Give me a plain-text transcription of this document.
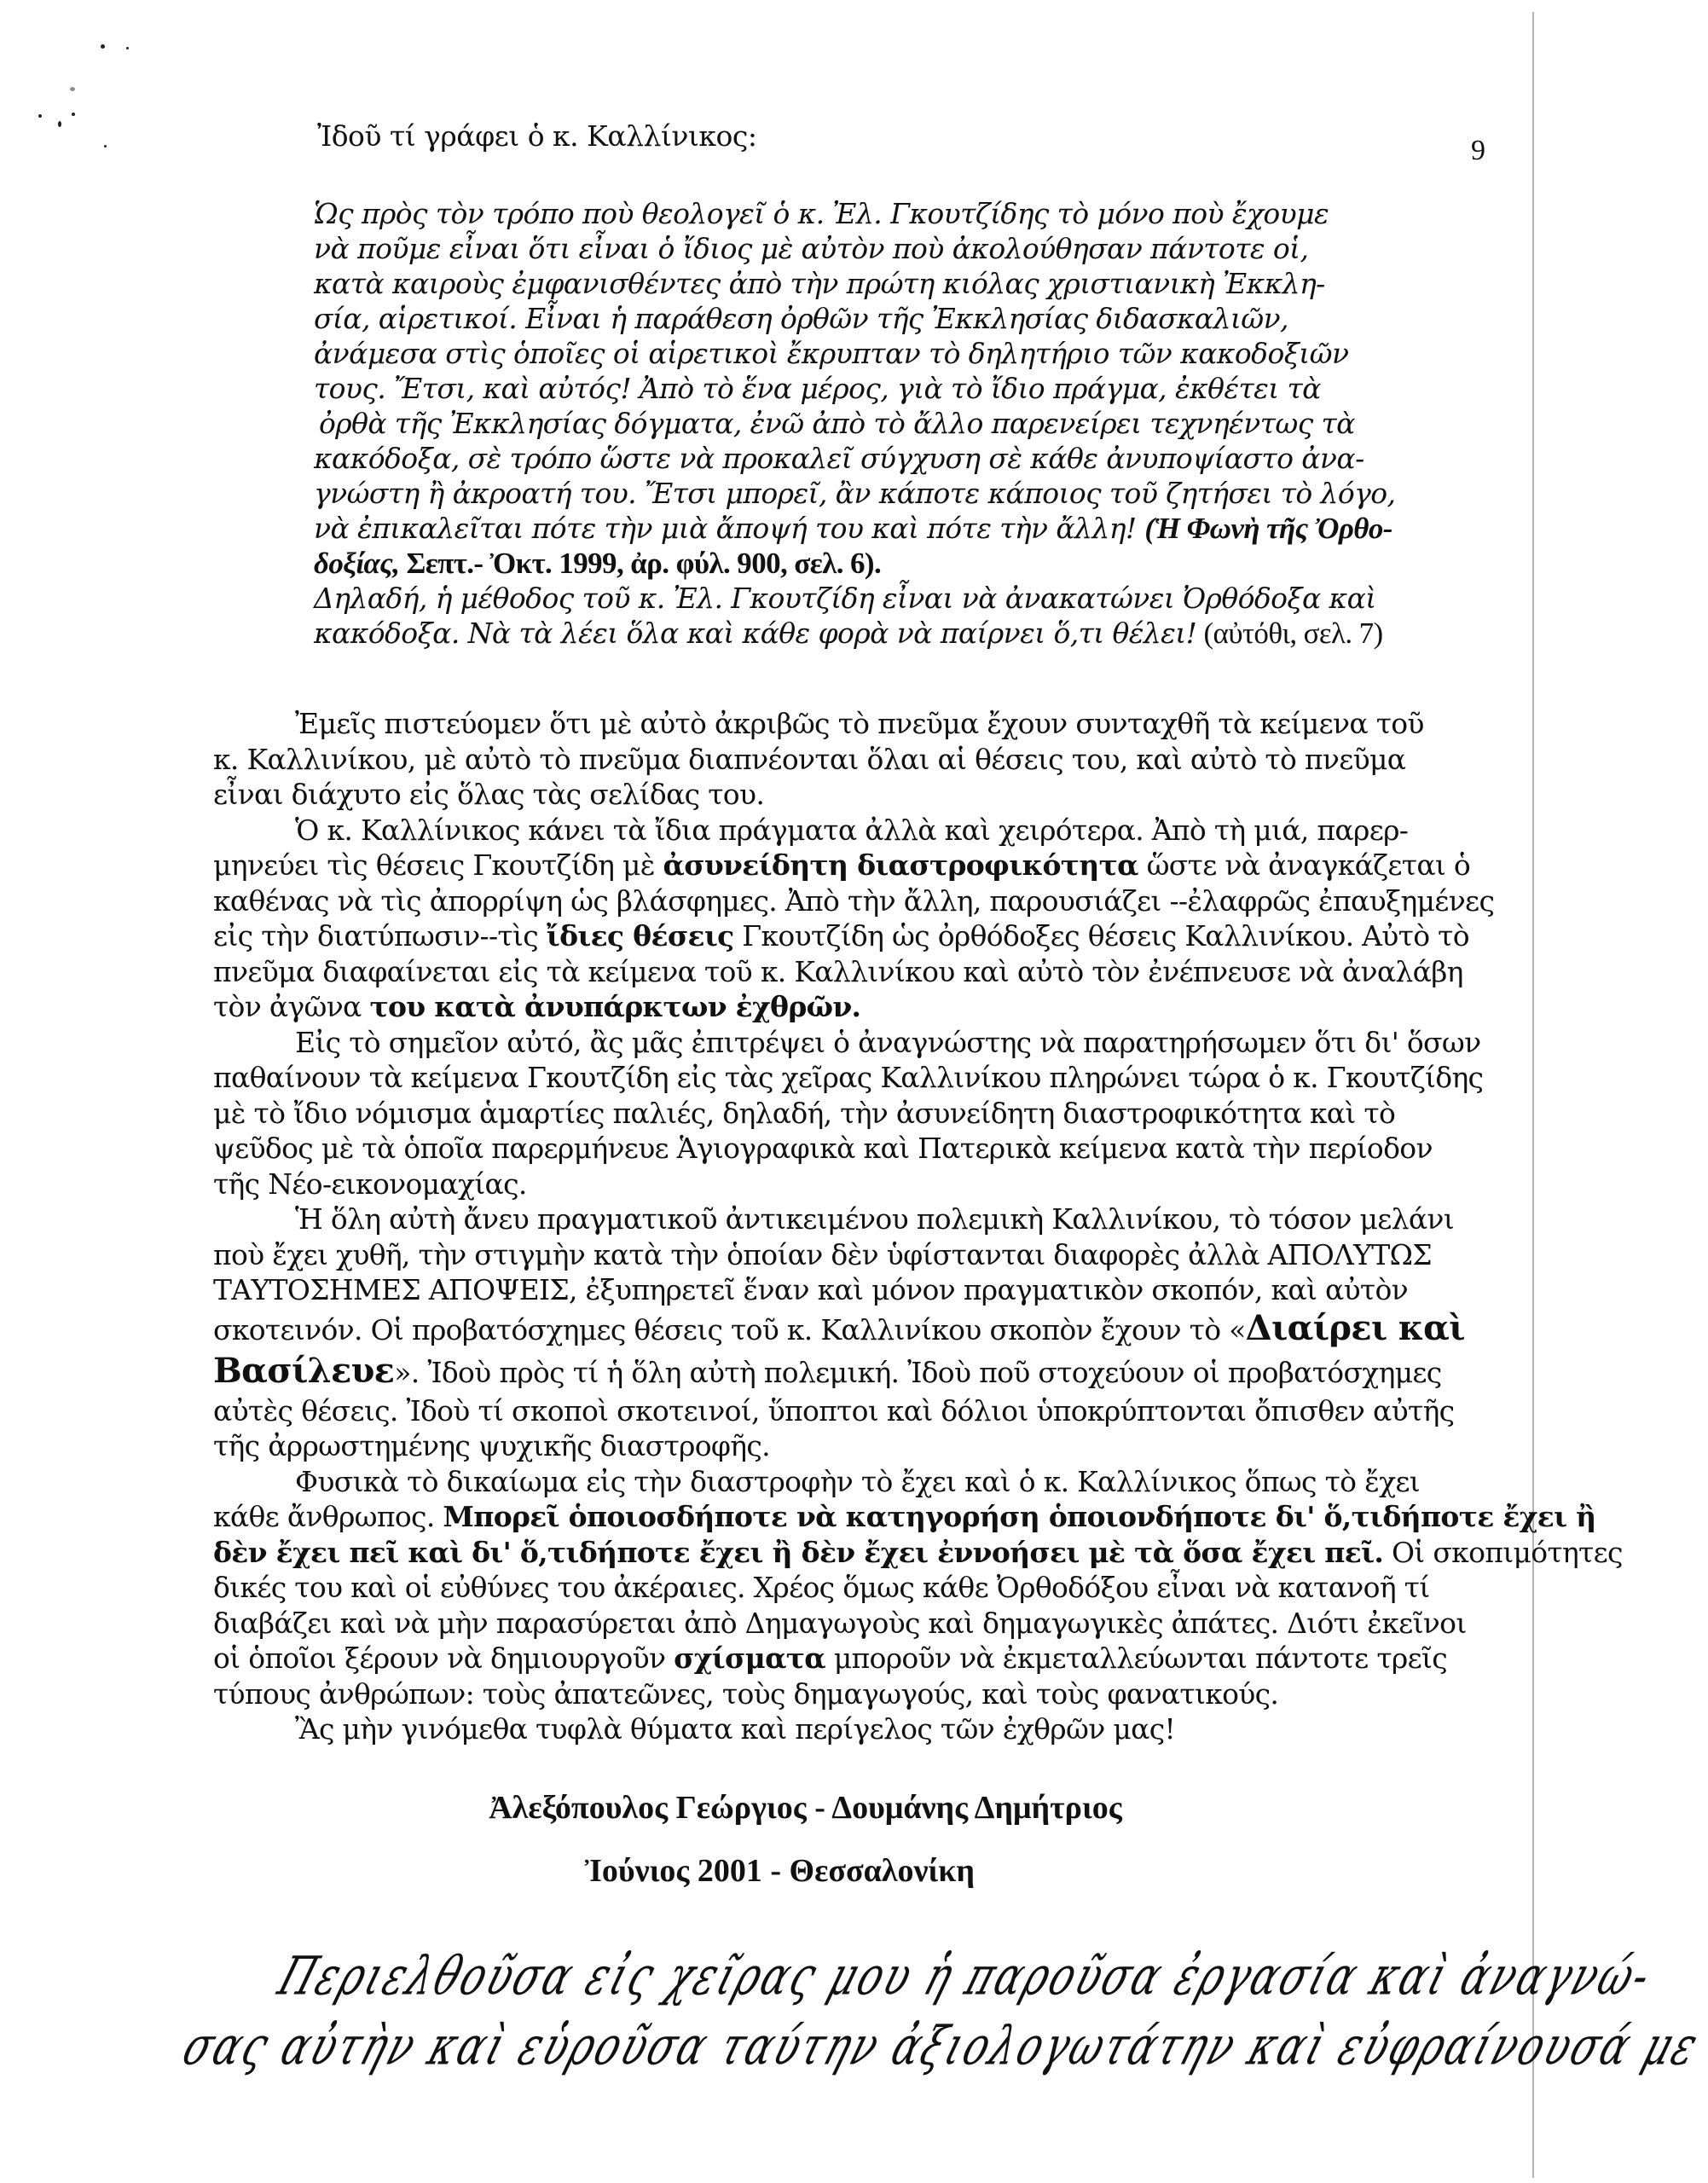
Ἰδοῦ τί γράφει ὁ κ. Καλλίνικος:	9
Ὡς πρὸς τὸν τρόπο ποὺ θεολογεῖ ὁ κ. Ἐλ. Γκουτζίδης τὸ μόνο ποὺ ἔχουμε
νὰ ποῦμε εἶναι ὅτι εἶναι ὁ ἴδιος μὲ αὐτὸν ποὺ ἀκολούθησαν πάντοτε οἱ,
κατὰ καιροὺς ἐμφανισθέντες ἀπὸ τὴν πρώτη κιόλας χριστιανικὴ Ἐκκλη-
σία, αἱρετικοί. Εἶναι ἡ παράθεση ὀρθῶν τῆς Ἐκκλησίας διδασκαλιῶν,
ἀνάμεσα στὶς ὁποῖες οἱ αἱρετικοὶ ἔκρυπταν τὸ δηλητήριο τῶν κακοδοξιῶν
τους. Ἔτσι, καὶ αὐτός! Ἀπὸ τὸ ἕνα μέρος, γιὰ τὸ ἴδιο πράγμα, ἐκθέτει τὰ
ὀρθὰ τῆς Ἐκκλησίας δόγματα, ἐνῶ ἀπὸ τὸ ἄλλο παρενείρει τεχνηέντως τὰ
κακόδοξα, σὲ τρόπο ὥστε νὰ προκαλεῖ σύγχυση σὲ κάθε ἀνυποψίαστο ἀνα-
γνώστη ἢ ἀκροατή του. Ἔτσι μπορεῖ, ἂν κάποτε κάποιος τοῦ ζητήσει τὸ λόγο,
νὰ ἐπικαλεῖται πότε τὴν μιὰ ἄποψή του καὶ πότε τὴν ἄλλη! (Ἡ Φωνὴ τῆς Ὀρθο-
δοξίας, Σεπτ.- Ὀκτ. 1999, ἀρ. φύλ. 900, σελ. 6).
Δηλαδή, ἡ μέθοδος τοῦ κ. Ἐλ. Γκουτζίδη εἶναι νὰ ἀνακατώνει Ὀρθόδοξα καὶ
κακόδοξα. Νὰ τὰ λέει ὅλα καὶ κάθε φορὰ νὰ παίρνει ὅ,τι θέλει! (αὐτόθι, σελ. 7)
Ἐμεῖς πιστεύομεν ὅτι μὲ αὐτὸ ἀκριβῶς τὸ πνεῦμα ἔχουν συνταχθῆ τὰ κείμενα τοῦ
κ. Καλλινίκου, μὲ αὐτὸ τὸ πνεῦμα διαπνέονται ὅλαι αἱ θέσεις του, καὶ αὐτὸ τὸ πνεῦμα
εἶναι διάχυτο εἰς ὅλας τὰς σελίδας του.
Ὁ κ. Καλλίνικος κάνει τὰ ἴδια πράγματα ἀλλὰ καὶ χειρότερα. Ἀπὸ τὴ μιά, παρερ-
μηνεύει τὶς θέσεις Γκουτζίδη μὲ ἀσυνείδητη διαστροφικότητα ὥστε νὰ ἀναγκάζεται ὁ
καθένας νὰ τὶς ἀπορρίψη ὡς βλάσφημες. Ἀπὸ τὴν ἄλλη, παρουσιάζει --ἐλαφρῶς ἐπαυξημένες
εἰς τὴν διατύπωσιν--τὶς ἴδιες θέσεις Γκουτζίδη ὡς ὀρθόδοξες θέσεις Καλλινίκου. Αὐτὸ τὸ
πνεῦμα διαφαίνεται εἰς τὰ κείμενα τοῦ κ. Καλλινίκου καὶ αὐτὸ τὸν ἐνέπνευσε νὰ ἀναλάβη
τὸν ἀγῶνα του κατὰ ἀνυπάρκτων ἐχθρῶν.
Εἰς τὸ σημεῖον αὐτό, ἂς μᾶς ἐπιτρέψει ὁ ἀναγνώστης νὰ παρατηρήσωμεν ὅτι δι' ὅσων
παθαίνουν τὰ κείμενα Γκουτζίδη εἰς τὰς χεῖρας Καλλινίκου πληρώνει τώρα ὁ κ. Γκουτζίδης
μὲ τὸ ἴδιο νόμισμα ἁμαρτίες παλιές, δηλαδή, τὴν ἀσυνείδητη διαστροφικότητα καὶ τὸ
ψεῦδος μὲ τὰ ὁποῖα παρερμήνευε Ἁγιογραφικὰ καὶ Πατερικὰ κείμενα κατὰ τὴν περίοδον
τῆς Νέο-εικονομαχίας.
Ἡ ὅλη αὐτὴ ἄνευ πραγματικοῦ ἀντικειμένου πολεμικὴ Καλλινίκου, τὸ τόσον μελάνι
ποὺ ἔχει χυθῆ, τὴν στιγμὴν κατὰ τὴν ὁποίαν δὲν ὑφίστανται διαφορὲς ἀλλὰ ΑΠΟΛΥΤΩΣ
ΤΑΥΤΟΣΗΜΕΣ ΑΠΟΨΕΙΣ, ἐξυπηρετεῖ ἕναν καὶ μόνον πραγματικὸν σκοπόν, καὶ αὐτὸν
σκοτεινόν. Οἱ προβατόσχημες θέσεις τοῦ κ. Καλλινίκου σκοπὸν ἔχουν τὸ «Διαίρει καὶ
Βασίλευε». Ἰδοὺ πρὸς τί ἡ ὅλη αὐτὴ πολεμική. Ἰδοὺ ποῦ στοχεύουν οἱ προβατόσχημες
αὐτὲς θέσεις. Ἰδοὺ τί σκοποὶ σκοτεινοί, ὕποπτοι καὶ δόλιοι ὑποκρύπτονται ὄπισθεν αὐτῆς
τῆς ἀρρωστημένης ψυχικῆς διαστροφῆς.
Φυσικὰ τὸ δικαίωμα εἰς τὴν διαστροφὴν τὸ ἔχει καὶ ὁ κ. Καλλίνικος ὅπως τὸ ἔχει
κάθε ἄνθρωπος. Μπορεῖ ὁποιοσδήποτε νὰ κατηγορήση ὁποιονδήποτε δι' ὅ,τιδήποτε ἔχει ἢ
δὲν ἔχει πεῖ καὶ δι' ὅ,τιδήποτε ἔχει ἢ δὲν ἔχει ἐννοήσει μὲ τὰ ὅσα ἔχει πεῖ. Οἱ σκοπιμότητες
δικές του καὶ οἱ εὐθύνες του ἀκέραιες. Χρέος ὅμως κάθε Ὀρθοδόξου εἶναι νὰ κατανοῆ τί
διαβάζει καὶ νὰ μὴν παρασύρεται ἀπὸ Δημαγωγοὺς καὶ δημαγωγικὲς ἀπάτες. Διότι ἐκεῖνοι
οἱ ὁποῖοι ξέρουν νὰ δημιουργοῦν σχίσματα μποροῦν νὰ ἐκμεταλλεύωνται πάντοτε τρεῖς
τύπους ἀνθρώπων: τοὺς ἀπατεῶνες, τοὺς δημαγωγούς, καὶ τοὺς φανατικούς.
Ἂς μὴν γινόμεθα τυφλὰ θύματα καὶ περίγελος τῶν ἐχθρῶν μας!
Ἀλεξόπουλος Γεώργιος - Δουμάνης Δημήτριος
Ἰούνιος 2001 - Θεσσαλονίκη
Περιελθοῦσα εἰς χεῖρας μου ἡ παροῦσα ἐργασία καὶ ἀναγνώ-
σας αὐτὴν καὶ εὑροῦσα ταύτην ἀξιολογωτάτην καὶ εὐφραίνουσά με
